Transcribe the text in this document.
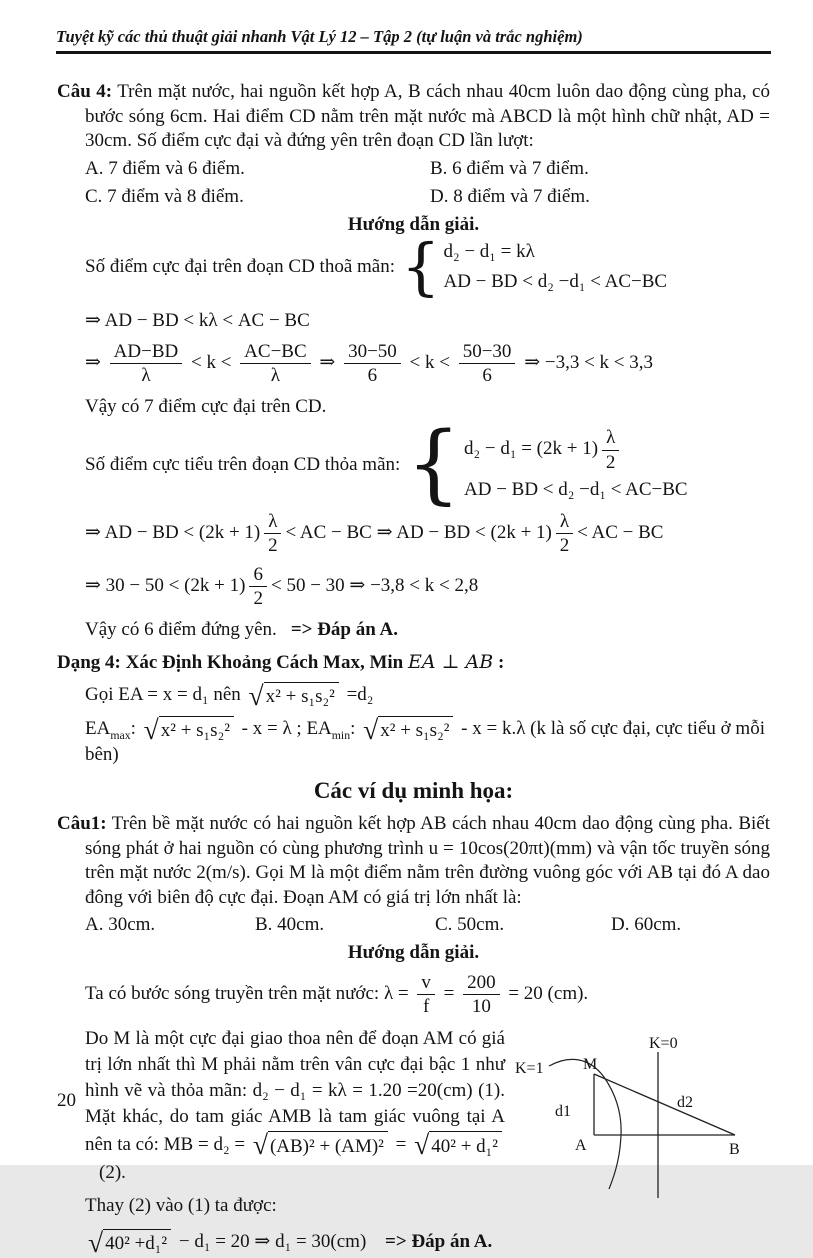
Tuyệt kỹ các thủ thuật giải nhanh Vật Lý 12 – Tập 2 (tự luận và trắc nghiệm)
Câu 4: Trên mặt nước, hai nguồn kết hợp A, B cách nhau 40cm luôn dao động cùng pha, có bước sóng 6cm. Hai điểm CD nằm trên mặt nước mà ABCD là một hình chữ nhật, AD = 30cm. Số điểm cực đại và đứng yên trên đoạn CD lần lượt:
A. 7 điểm và 6 điểm.	B. 6 điểm và 7 điểm.
C. 7 điểm và 8 điểm.	D. 8 điểm và 7 điểm.
Hướng dẫn giải.
Số điểm cực đại trên đoạn CD thoã mãn: { d₂ − d₁ = kλ
AD − BD < d₂ −d₁ < AC−BC
⇒ AD − BD < kλ < AC − BC
⇒ $\frac{AD-BD}{\lambda} < k < \frac{AC-BC}{\lambda}$ ⇒ $\frac{30-50}{6} < k < \frac{50-30}{6}$ ⇒ −3,3 < k < 3,3
Vậy có 7 điểm cực đại trên CD.
Số điểm cực tiểu trên đoạn CD thỏa mãn: { $d_2 - d_1 = (2k + 1) \frac{\lambda}{2}$
AD − BD < d₂ −d₁ < AC−BC
⇒ AD − BD < $(2k + 1) \frac{\lambda}{2}$ < AC − BC ⇒ AD − BD < $(2k + 1) \frac{\lambda}{2}$ < AC − BC
⇒ $30 - 50 < (2k + 1) \frac{6}{2} < 50 - 30$ ⇒ −3,8 < k < 2,8
Vậy có 6 điểm đứng yên. => Đáp án A.
Dạng 4: Xác Định Khoảng Cách Max, Min EA ⊥ AB :
Gọi EA = x = d₁ nên √ x² + s₁s₂² =d₂
$EA_{max}$: √ x² + s₁s₂² - x = λ ; $EA_{min}$: √ x² + s₁s₂² - x = k.λ (k là số cực đại, cực tiểu ở mỗi bên)
Các ví dụ minh họa:
Câu1: Trên bề mặt nước có hai nguồn kết hợp AB cách nhau 40cm dao động cùng pha. Biết sóng phát ở hai nguồn có cùng phương trình u = 10cos(20πt)(mm) và vận tốc truyền sóng trên mặt nước 2(m/s). Gọi M là một điểm nằm trên đường vuông góc với AB tại đó A dao đông với biên độ cực đại. Đoạn AM có giá trị lớn nhất là:
A. 30cm.	B. 40cm.	C. 50cm.	D. 60cm.
Hướng dẫn giải.
Ta có bước sóng truyền trên mặt nước: $\lambda = \frac{v}{f} = \frac{200}{10} = 20$ (cm).
Do M là một cực đại giao thoa nên để đoạn AM có giá trị lớn nhất thì M phải nằm trên vân cực đại bậc 1 như hình vẽ và thỏa mãn: d₂ − d₁ = kλ = 1.20 =20(cm) (1). Mặt khác, do tam giác AMB là tam giác vuông tại A nên ta có: MB = d₂ = √ (AB)² + (AM)² = √ 40² + d₁²
(2).
Thay (2) vào (1) ta được:
√ 40² +d₁² − d₁ = 20 ⇒ d₁ = 30(cm) => Đáp án A.
K=0
K=1 M
d1
d2
A	B
20
